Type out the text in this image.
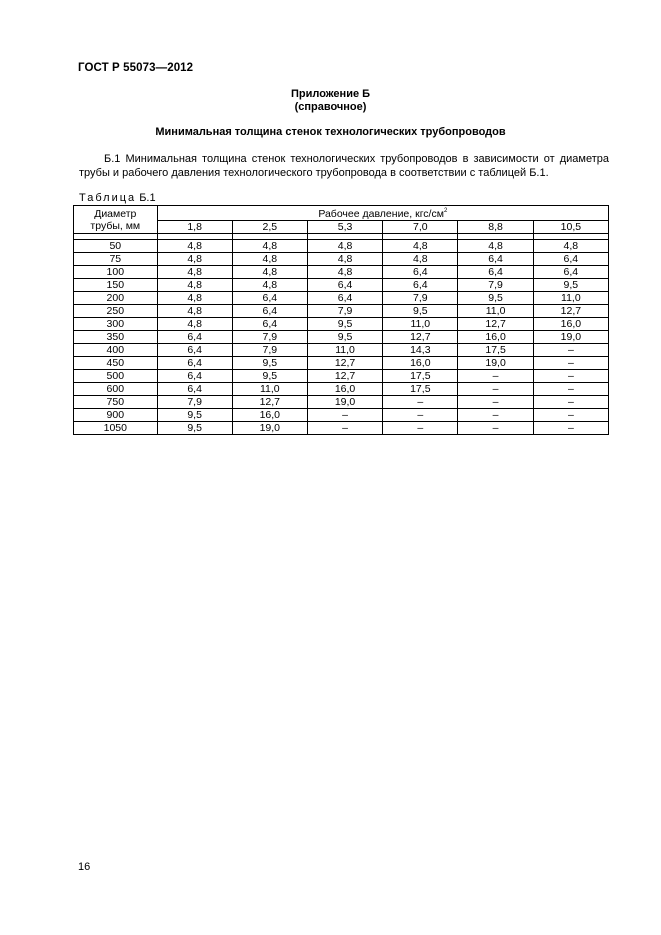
ГОСТ Р 55073—2012
Приложение Б
(справочное)
Минимальная толщина стенок технологических трубопроводов
Б.1 Минимальная толщина стенок технологических трубопроводов в зависимости от диаметра трубы и рабочего давления технологического трубопровода в соответствии с таблицей Б.1.
Таблица Б.1
Диаметр
трубы, мм	Рабочее давление, кгс/$см^2$
	1,8	2,5	5,3	7,0	8,8	10,5

50	4,8	4,8	4,8	4,8	4,8	4,8
75	4,8	4,8	4,8	4,8	6,4	6,4
100	4,8	4,8	4,8	6,4	6,4	6,4
150	4,8	4,8	6,4	6,4	7,9	9,5
200	4,8	6,4	6,4	7,9	9,5	11,0
250	4,8	6,4	7,9	9,5	11,0	12,7
300	4,8	6,4	9,5	11,0	12,7	16,0
350	6,4	7,9	9,5	12,7	16,0	19,0
400	6,4	7,9	11,0	14,3	17,5	–
450	6,4	9,5	12,7	16,0	19,0	–
500	6,4	9,5	12,7	17,5	–	–
600	6,4	11,0	16,0	17,5	–	–
750	7,9	12,7	19,0	–	–	–
900	9,5	16,0	–	–	–	–
1050	9,5	19,0	–	–	–	–
16
